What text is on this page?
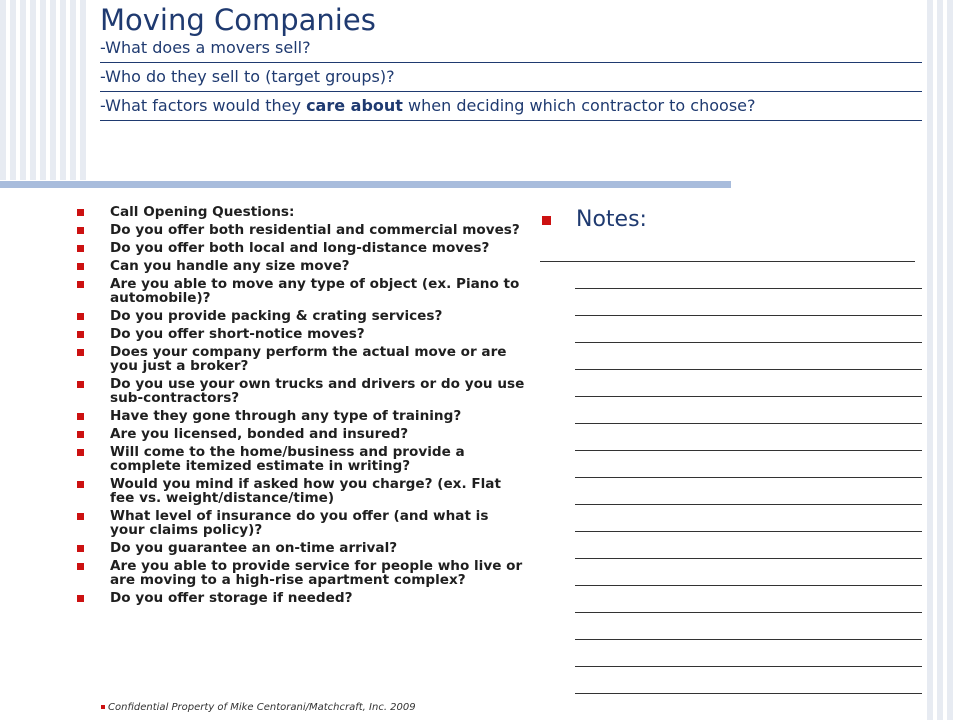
Moving Companies
-What does a movers sell?
-Who do they sell to (target groups)?
-What factors would they care about when deciding which contractor to choose?
Call Opening Questions:
Do you offer both residential and commercial moves?
Do you offer both local and long-distance moves?
Can you handle any size move?
Are you able to move any type of object (ex. Piano to automobile)?
Do you provide packing & crating services?
Do you offer short-notice moves?
Does your company perform the actual move or are you just a broker?
Do you use your own trucks and drivers or do you use sub-contractors?
Have they gone through any type of training?
Are you licensed, bonded and insured?
Will come to the home/business and provide a complete itemized estimate in writing?
Would you mind if asked how you charge? (ex. Flat fee vs. weight/distance/time)
What level of insurance do you offer (and what is your claims policy)?
Do you guarantee an on-time arrival?
Are you able to provide service for people who live or are moving to a high-rise apartment complex?
Do you offer storage if needed?
Notes:
Confidential Property of Mike Centorani/Matchcraft, Inc. 2009
